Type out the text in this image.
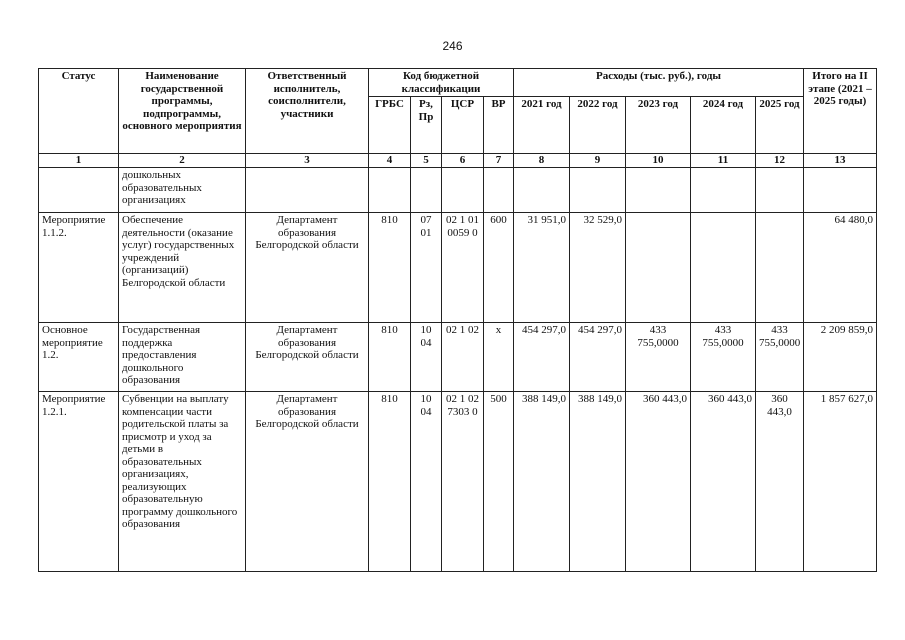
246
Статус	Наименование государственной программы, подпрограммы, основного мероприятия	Ответственный исполнитель, соисполнители, участники	Код бюджетной классификации				Расходы (тыс. руб.), годы					Итого на II этапе (2021 – 2025 годы)
			ГРБС	Рз, Пр	ЦСР	ВР	2021 год	2022 год	2023 год	2024 год	2025 год	
1	2	3	4	5	6	7	8	9	10	11	12	13
	дошкольных образовательных организациях											
Мероприятие 1.1.2.	Обеспечение деятельности (оказание услуг) государственных учреждений (организаций) Белгородской области	Департамент образования Белгородской области	810	07 01	02 1 01 0059 0	600	31 951,0	32 529,0				64 480,0
Основное мероприятие 1.2.	Государственная поддержка предоставления дошкольного образования	Департамент образования Белгородской области	810	10 04	02 1 02	х	454 297,0	454 297,0	433 755,0000	433 755,0000	433 755,0000	2 209 859,0
Мероприятие 1.2.1.	Субвенции на выплату компенсации части родительской платы за присмотр и уход за детьми в образовательных организациях, реализующих образовательную программу дошкольного образования	Департамент образования Белгородской области	810	10 04	02 1 02 7303 0	500	388 149,0	388 149,0	360 443,0	360 443,0	360 443,0	1 857 627,0
